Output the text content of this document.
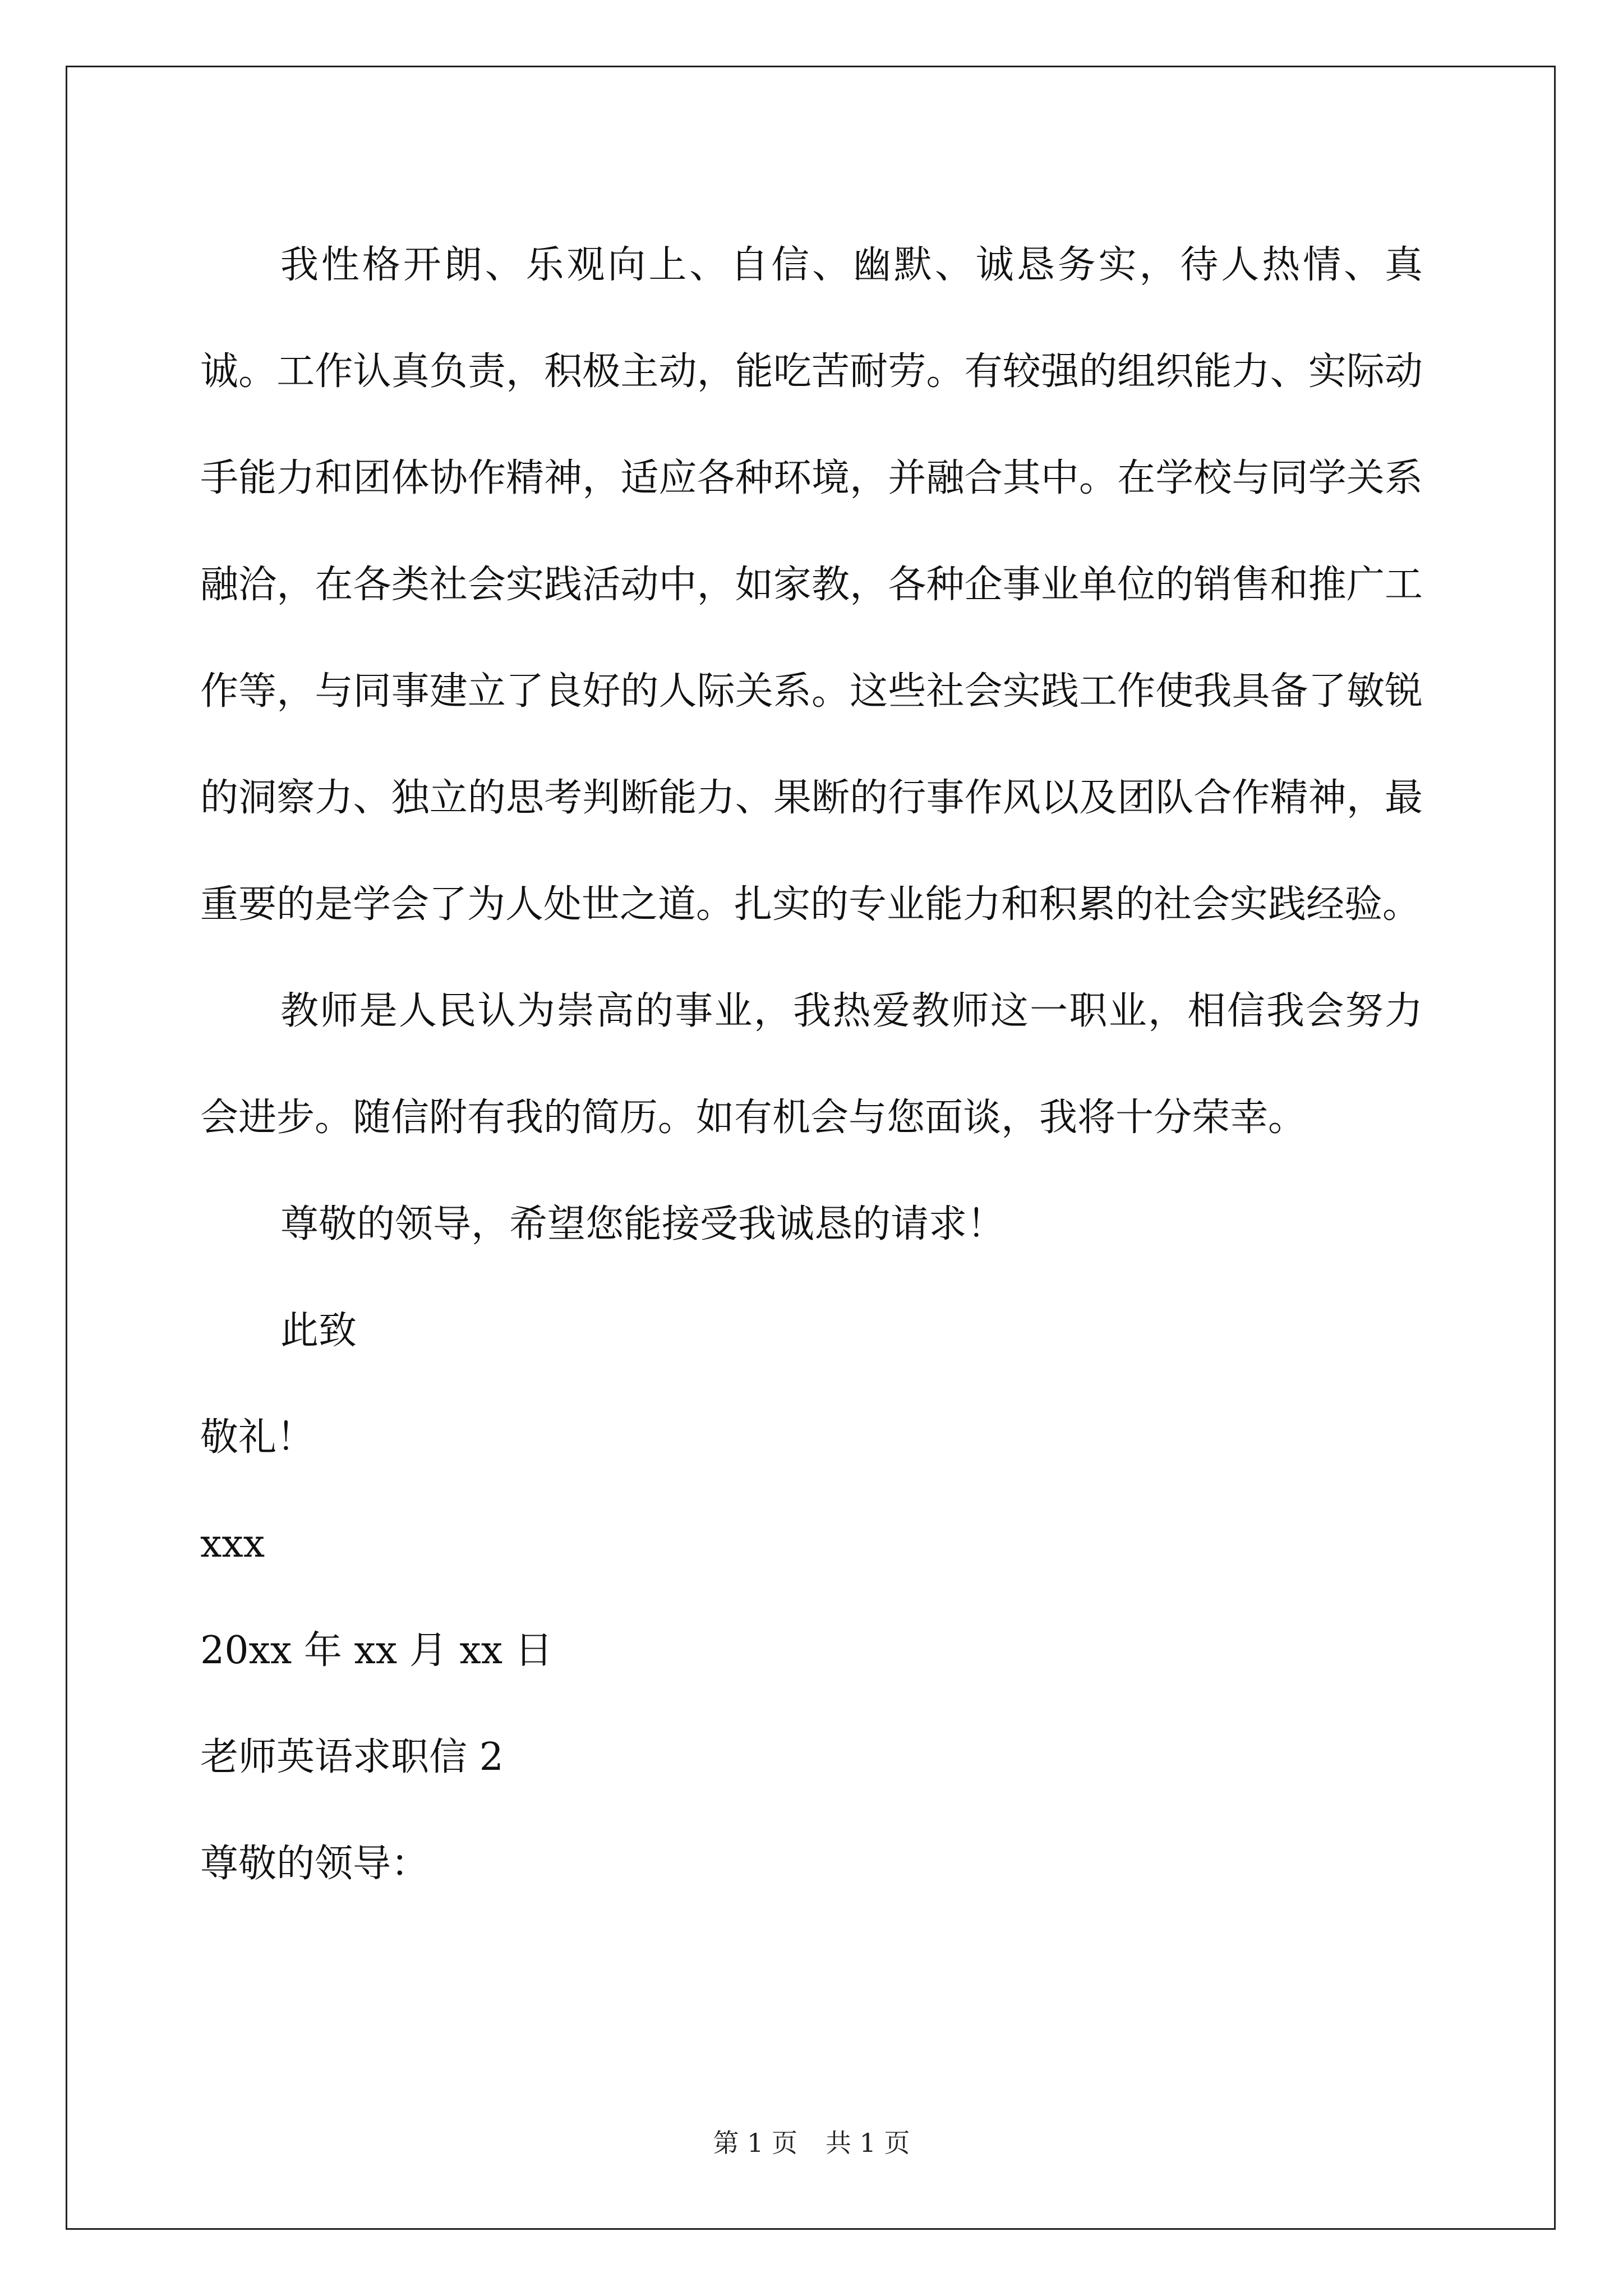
我性格开朗、乐观向上、自信、幽默、诚恳务实，待人热情、真诚。工作认真负责，积极主动，能吃苦耐劳。有较强的组织能力、实际动手能力和团体协作精神，适应各种环境，并融合其中。在学校与同学关系融洽，在各类社会实践活动中，如家教，各种企事业单位的销售和推广工作等，与同事建立了良好的人际关系。这些社会实践工作使我具备了敏锐的洞察力、独立的思考判断能力、果断的行事作风以及团队合作精神，最重要的是学会了为人处世之道。扎实的专业能力和积累的社会实践经验。

教师是人民认为崇高的事业，我热爱教师这一职业，相信我会努力会进步。随信附有我的简历。如有机会与您面谈，我将十分荣幸。

尊敬的领导，希望您能接受我诚恳的请求！

此致

敬礼！

xxx

20xx 年 xx 月 xx 日

老师英语求职信 2

尊敬的领导：

第 1 页 共 1 页
